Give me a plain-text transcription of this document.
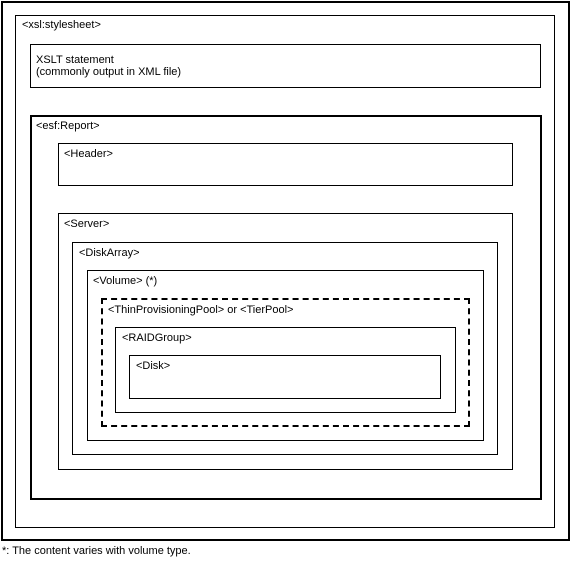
<xsl:stylesheet>
XSLT statement
(commonly output in XML file)
<esf:Report>
<Header>
<Server>
<DiskArray>
<Volume> (*)
<ThinProvisioningPool> or <TierPool>
<RAIDGroup>
<Disk>
*: The content varies with volume type.
